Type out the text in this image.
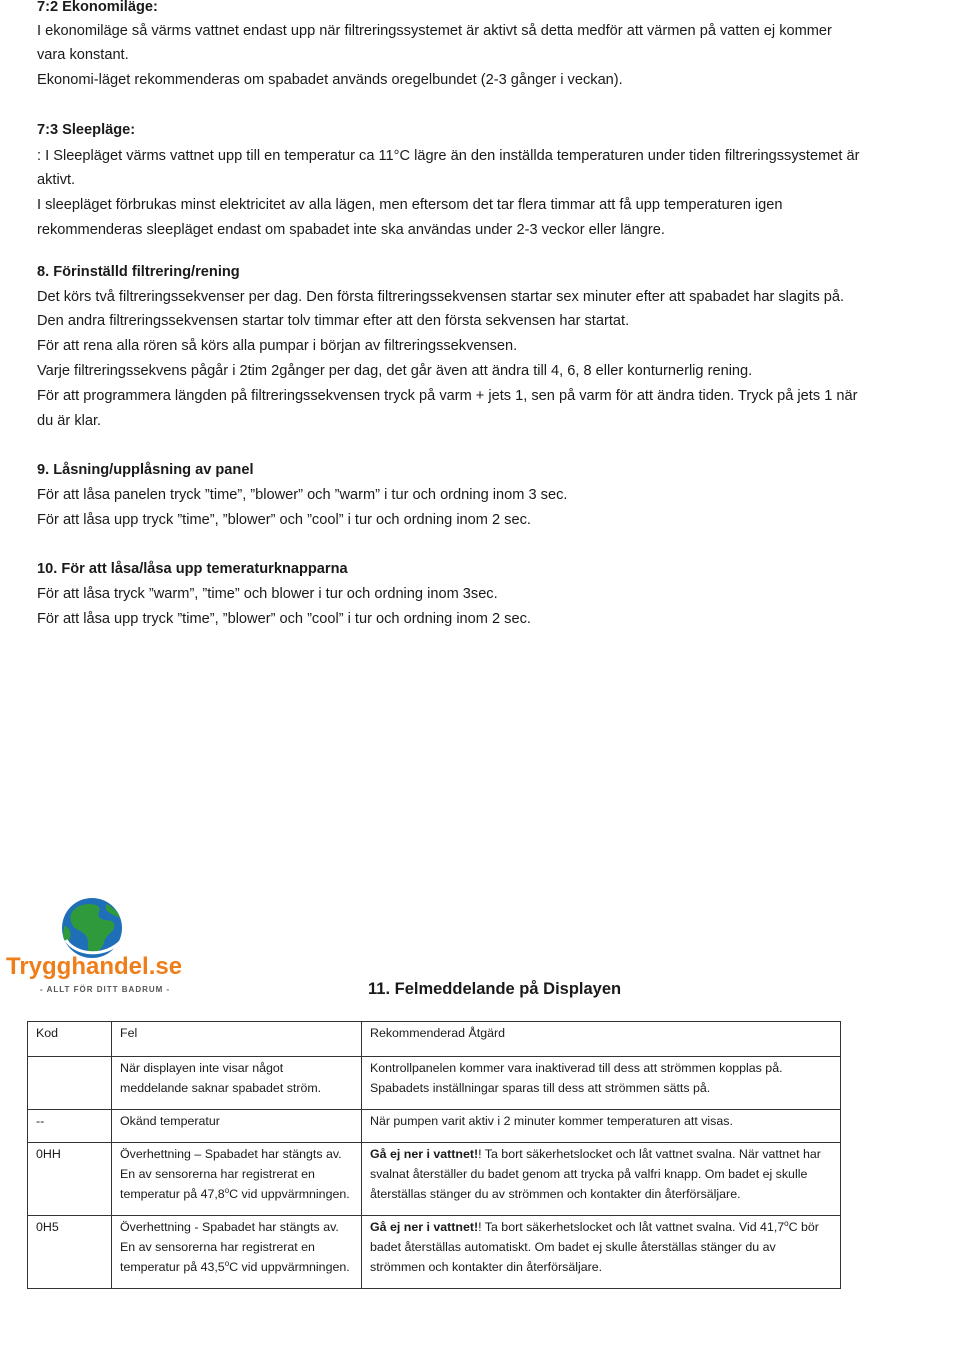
7:2 Ekonomiläge:

I ekonomiläge så värms vattnet endast upp när filtreringssystemet är aktivt så detta medför att värmen på vatten ej kommer

vara konstant.

Ekonomi-läget rekommenderas om spabadet används oregelbundet (2-3 gånger i veckan).

7:3 Sleepläge:

: I Sleepläget värms vattnet upp till en temperatur ca 11°C lägre än den inställda temperaturen under tiden filtreringssystemet är

aktivt.

I sleepläget förbrukas minst elektricitet av alla lägen, men eftersom det tar flera timmar att få upp temperaturen igen

rekommenderas sleepläget endast om spabadet inte ska användas under 2-3 veckor eller längre.

8. Förinställd filtrering/rening

Det körs två filtreringssekvenser per dag. Den första filtreringssekvensen startar sex minuter efter att spabadet har slagits på.

Den andra filtreringssekvensen startar tolv timmar efter att den första sekvensen har startat.

För att rena alla rören så körs alla pumpar i början av filtreringssekvensen.

Varje filtreringssekvens pågår i 2tim 2gånger per dag, det går även att ändra till 4, 6, 8 eller konturnerlig rening.

För att programmera längden på filtreringssekvensen tryck på varm + jets 1, sen på varm för att ändra tiden. Tryck på jets 1 när

du är klar.

9. Låsning/upplåsning av panel

För att låsa panelen tryck ”time”, ”blower” och ”warm” i tur och ordning inom 3 sec.

För att låsa upp tryck ”time”, ”blower” och ”cool” i tur och ordning inom 2 sec.

10. För att låsa/låsa upp temeraturknapparna

För att låsa tryck ”warm”, ”time” och blower i tur och ordning inom 3sec.

För att låsa upp tryck ”time”, ”blower” och ”cool” i tur och ordning inom 2 sec.

Trygghandel.se
- ALLT FÖR DITT BADRUM -	11. Felmeddelande på Displayen
Kod	Fel	Rekommenderad Åtgärd
	När displayen inte visar något meddelande saknar spabadet ström.	Kontrollpanelen kommer vara inaktiverad till dess att strömmen kopplas på. Spabadets inställningar sparas till dess att strömmen sätts på.
--	Okänd temperatur	När pumpen varit aktiv i 2 minuter kommer temperaturen att visas.
0HH	Överhettning – Spabadet har stängts av. En av sensorerna har registrerat en temperatur på 47,8$^o$C vid uppvärmningen.	Gå ej ner i vattnet!! Ta bort säkerhetslocket och låt vattnet svalna. När vattnet har svalnat återställer du badet genom att trycka på valfri knapp. Om badet ej skulle återställas stänger du av strömmen och kontakter din återförsäljare.
0H5	Överhettning - Spabadet har stängts av. En av sensorerna har registrerat en temperatur på 43,5$^o$C vid uppvärmningen.	Gå ej ner i vattnet!! Ta bort säkerhetslocket och låt vattnet svalna. Vid 41,7$^o$C bör badet återställas automatiskt. Om badet ej skulle återställas stänger du av strömmen och kontakter din återförsäljare.
